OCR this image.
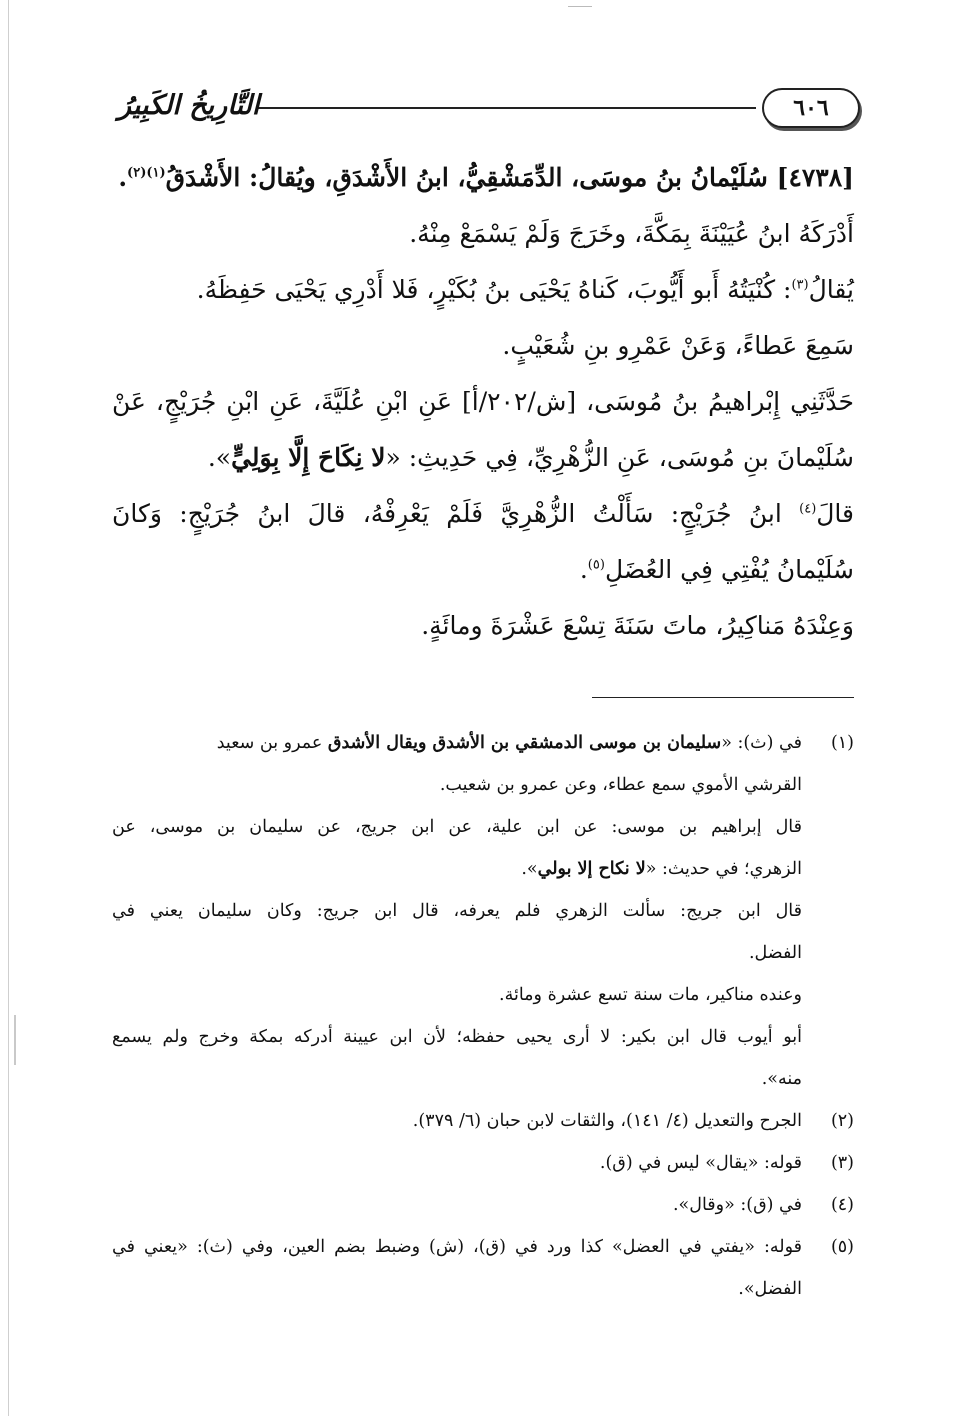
٦٠٦
التَّارِيخُ الكَبِيرُ
[٤٧٣٨] سُلَيْمانُ بنُ موسَى، الدِّمَشْقِيُّ، ابنُ الأَشْدَقِ، ويُقالُ: الأَشْدَقُ$^{(١)(٢)}$.
أَدْرَكَهُ ابنُ عُيَيْنَةَ بِمَكَّةَ، وخَرَجَ وَلَمْ يَسْمَعْ مِنْهُ.
يُقالُ$^{(٣)}$: كُنْيَتُهُ أَبو أَيُّوبَ، كَناهُ يَحْيَى بنُ بُكَيْرٍ، فَلا أَدْرِي يَحْيَى حَفِظَهُ.
سَمِعَ عَطاءً، وَعَنْ عَمْرِو بنِ شُعَيْبٍ.
حَدَّثَنِي إِبْراهيمُ بنُ مُوسَى، [ش/٢٠٢/أ] عَنِ ابْنِ عُلَيَّةَ، عَنِ ابْنِ جُرَيْجٍ، عَنْ
سُلَيْمانَ بنِ مُوسَى، عَنِ الزُّهْرِيِّ، فِي حَدِيثِ: «لا نِكَاحَ إِلَّا بِوَلِيٍّ».
قالَ$^{(٤)}$ ابنُ جُرَيْجٍ: سَأَلْتُ الزُّهْرِيَّ فَلَمْ يَعْرِفْهُ، قالَ ابنُ جُرَيْجٍ: وَكانَ
سُلَيْمانُ يُفْتِي فِي العُضَلِ$^{(٥)}$.
وَعِنْدَهُ مَناكِيرُ، ماتَ سَنَةَ تِسْعَ عَشْرَةَ ومائَةٍ.
(١)
في (ث): «سليمان بن موسى الدمشقي بن الأشدق ويقال الأشدق عمرو بن سعيد
القرشي الأموي سمع عطاء، وعن عمرو بن شعيب.
قال إبراهيم بن موسى: عن ابن علية، عن ابن جريج، عن سليمان بن موسى، عن
الزهري؛ في حديث: «لا نكاح إلا بولي».
قال ابن جريج: سألت الزهري فلم يعرفه، قال ابن جريج: وكان سليمان يعني في
الفضل.
وعنده مناكير، مات سنة تسع عشرة ومائة.
أبو أيوب قال ابن بكير: لا أرى يحيى حفظه؛ لأن ابن عيينة أدركه بمكة وخرج ولم يسمع
منه».
(٢)
الجرح والتعديل (٤/ ١٤١)، والثقات لابن حبان (٦/ ٣٧٩).
(٣)
قوله: «يقال» ليس في (ق).
(٤)
في (ق): «وقال».
(٥)
قوله: «يفتي في العضل» كذا ورد في (ق)، (ش) وضبط بضم العين، وفي (ث): «يعني في
الفضل».
